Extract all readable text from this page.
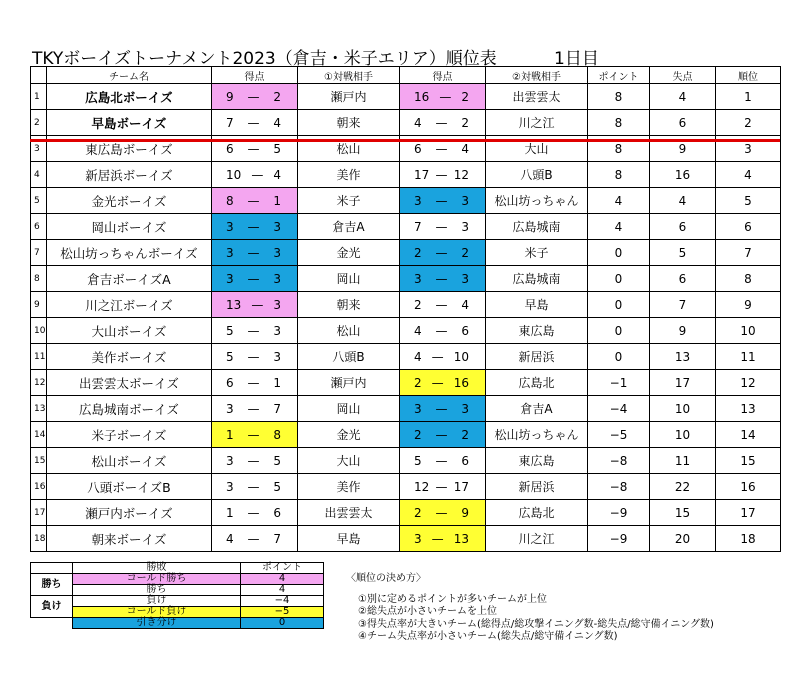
TKYボーイズトーナメント2023（倉吉・米子エリア）順位表	1日目
	チーム名	得点	①対戦相手	得点	②対戦相手	ポイント	失点	順位
1	広島北ボーイズ	9 — 2	瀬戸内	16 — 2	出雲雲太	8	4	1
2	早島ボーイズ	7 — 4	朝来	4 — 2	川之江	8	6	2
3	東広島ボーイズ	6 — 5	松山	6 — 4	大山	8	9	3
4	新居浜ボーイズ	10 — 4	美作	17 — 12	八頭B	8	16	4
5	金光ボーイズ	8 — 1	米子	3 — 3	松山坊っちゃん	4	4	5
6	岡山ボーイズ	3 — 3	倉吉A	7 — 3	広島城南	4	6	6
7	松山坊っちゃんボーイズ	3 — 3	金光	2 — 2	米子	0	5	7
8	倉吉ボーイズA	3 — 3	岡山	3 — 3	広島城南	0	6	8
9	川之江ボーイズ	13 — 3	朝来	2 — 4	早島	0	7	9
10	大山ボーイズ	5 — 3	松山	4 — 6	東広島	0	9	10
11	美作ボーイズ	5 — 3	八頭B	4 — 10	新居浜	0	13	11
12	出雲雲太ボーイズ	6 — 1	瀬戸内	2 — 16	広島北	−1	17	12
13	広島城南ボーイズ	3 — 7	岡山	3 — 3	倉吉A	−4	10	13
14	米子ボーイズ	1 — 8	金光	2 — 2	松山坊っちゃん	−5	10	14
15	松山ボーイズ	3 — 5	大山	5 — 6	東広島	−8	11	15
16	八頭ボーイズB	3 — 5	美作	12 — 17	新居浜	−8	22	16
17	瀬戸内ボーイズ	1 — 6	出雲雲太	2 — 9	広島北	−9	15	17
18	朝来ボーイズ	4 — 7	早島	3 — 13	川之江	−9	20	18
	勝敗	ポイント
勝ち	コールド勝ち	4
	勝ち	4
負け	負け	−4
	コールド負け	−5
	引き分け	0
〈順位の決め方〉
①別に定めるポイントが多いチームが上位
②総失点が小さいチームを上位
③得失点率が大きいチーム(総得点/総攻撃イニング数-総失点/総守備イニング数)
④チーム失点率が小さいチーム(総失点/総守備イニング数)
